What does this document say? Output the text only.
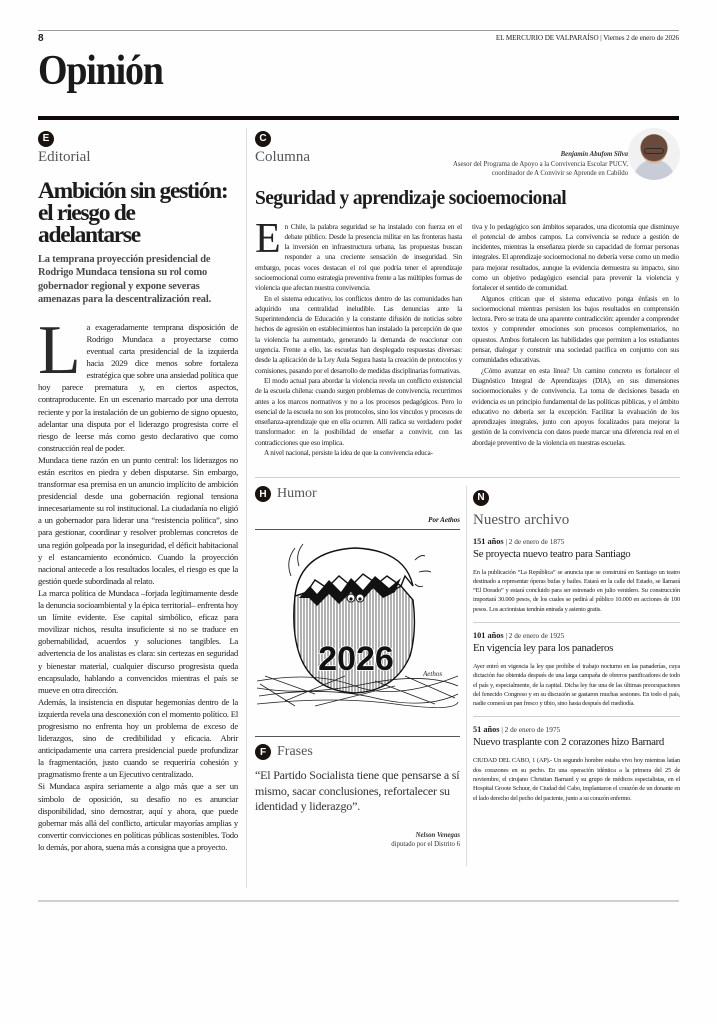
8	EL MERCURIO DE VALPARAÍSO | Viernes 2 de enero de 2026
Opinión
E
Editorial
Ambición sin gestión: el riesgo de adelantarse

La temprana proyección presidencial de Rodrigo Mundaca tensiona su rol como gobernador regional y expone severas amenazas para la descentralización real.

L a exageradamente temprana disposición de Rodrigo Mundaca a proyectarse como eventual carta presidencial de la izquierda hacia 2029 dice menos sobre fortaleza estratégica que sobre una ansiedad política que hoy parece prematura y, en ciertos aspectos, contraproducente. En un escenario marcado por una derrota reciente y por la instalación de un gobierno de signo opuesto, adelantar una disputa por el liderazgo progresista corre el riesgo de leerse más como gesto declarativo que como construcción real de poder.

Mundaca tiene razón en un punto central: los liderazgos no están escritos en piedra y deben disputarse. Sin embargo, transformar esa premisa en un anuncio implícito de ambición presidencial desde una gobernación regional tensiona innecesariamente su rol institucional. La ciudadanía no eligió a un gobernador para liderar una “resistencia política”, sino para gestionar, coordinar y resolver problemas concretos de una región golpeada por la inseguridad, el déficit habitacional y el estancamiento económico. Cuando la proyección nacional antecede a los resultados locales, el riesgo es que la gestión quede subordinada al relato.

La marca política de Mundaca –forjada legítimamente desde la denuncia socioambiental y la épica territorial– enfrenta hoy un límite evidente. Ese capital simbólico, eficaz para movilizar nichos, resulta insuficiente si no se traduce en gobernabilidad, acuerdos y soluciones tangibles. La advertencia de los analistas es clara: sin certezas en seguridad y bienestar material, cualquier discurso progresista queda encapsulado, hablando a convencidos mientras el país se mueve en otra dirección.

Además, la insistencia en disputar hegemonías dentro de la izquierda revela una desconexión con el momento político. El progresismo no enfrenta hoy un problema de exceso de liderazgos, sino de credibilidad y eficacia. Abrir anticipadamente una carrera presidencial puede profundizar la fragmentación, justo cuando se requeriría cohesión y pragmatismo frente a un Ejecutivo centralizado.

Si Mundaca aspira seriamente a algo más que a ser un símbolo de oposición, su desafío no es anunciar disponibilidad, sino demostrar, aquí y ahora, que puede gobernar más allá del conflicto, articular mayorías amplias y convertir convicciones en políticas públicas sostenibles. Todo lo demás, por ahora, suena más a consigna que a proyecto.

C
Columna	Benjamín Abufom Silva
Asesor del Programa de Apoyo a la Convivencia Escolar PUCV,
coordinador de A Convivir se Aprende en Cabildo
Seguridad y aprendizaje socioemocional
E n Chile, la palabra seguridad se ha instalado con fuerza en el debate público. Desde la presencia militar en las fronteras hasta la inversión en infraestructura urbana, las propuestas buscan responder a una creciente sensación de inseguridad. Sin embargo, pocas voces destacan el rol que podría tener el aprendizaje socioemocional como estrategia preventiva frente a las múltiples formas de violencia que afectan nuestra convivencia.

En el sistema educativo, los conflictos dentro de las comunidades han adquirido una centralidad ineludible. Las denuncias ante la Superintendencia de Educación y la constante difusión de noticias sobre hechos de agresión en establecimientos han instalado la percepción de que la violencia ha aumentado, generando la demanda de reaccionar con urgencia. Frente a ello, las escuelas han desplegado respuestas diversas: desde la aplicación de la Ley Aula Segura hasta la creación de protocolos y comisiones, pasando por el desarrollo de medidas disciplinarias formativas.

El modo actual para abordar la violencia revela un conflicto existencial de la escuela chilena: cuando surgen problemas de convivencia, recurrimos antes a los marcos normativos y no a los procesos pedagógicos. Pero lo esencial de la escuela no son los protocolos, sino los vínculos y procesos de enseñanza-aprendizaje que en ella ocurren. Allí radica su verdadero poder transformador: en la posibilidad de enseñar a convivir, con las contradicciones que eso implica.

A nivel nacional, persiste la idea de que la convivencia educa-

tiva y lo pedagógico son ámbitos separados, una dicotomía que disminuye el potencial de ambos campos. La convivencia se reduce a gestión de incidentes, mientras la enseñanza pierde su capacidad de formar personas integrales. El aprendizaje socioemocional no debería verse como un medio para mejorar resultados, aunque la evidencia demuestra su impacto, sino como un objetivo pedagógico esencial para prevenir la violencia y fortalecer el sentido de comunidad.

Algunos critican que el sistema educativo ponga énfasis en lo socioemocional mientras persisten los bajos resultados en comprensión lectora. Pero se trata de una aparente contradicción: aprender a comprender textos y comprender emociones son procesos complementarios, no opuestos. Ambos fortalecen las habilidades que permiten a los estudiantes pensar, dialogar y construir una sociedad pacífica en conjunto con sus comunidades educativas.

¿Cómo avanzar en esta línea? Un camino concreto es fortalecer el Diagnóstico Integral de Aprendizajes (DIA), en sus dimensiones socioemocionales y de convivencia. La toma de decisiones basada en evidencia es un principio fundamental de las políticas públicas, y el ámbito educativo no debería ser la excepción. Facilitar la evaluación de los aprendizajes integrales, junto con apoyos focalizados para mejorar la gestión de la convivencia con datos puede marcar una diferencia real en el abordaje preventivo de la violencia en nuestras escuelas.

H Humor
Por Aethos
2026	Aethos
F Frases

“El Partido Socialista tiene que pensarse a sí mismo, sacar conclusiones, refortalecer su identidad y liderazgo”.

Nelson Venegas
diputado por el Distrito 6
N
Nuestro archivo
151 años | 2 de enero de 1875
Se proyecta nuevo teatro para Santiago

En la publicación “La República” se anuncia que se construirá en Santiago un teatro destinado a representar óperas bufas y bailes. Estará en la calle del Estado, se llamará “El Dorado” y estará concluido para ser estrenado en julio venidero. Su construcción importará 30.000 pesos, de los cuales se pedirá al público 10.000 en acciones de 100 pesos. Los accionistas tendrán entrada y asiento gratis.

101 años | 2 de enero de 1925
En vigencia ley para los panaderos

Ayer entró en vigencia la ley que prohíbe el trabajo nocturno en las panaderías, cuya dictación fue obtenida después de una larga campaña de obreros panificadores de todo el país y, especialmente, de la capital. Dicha ley fue una de las últimas preocupaciones del fenecido Congreso y en su discusión se gastaron muchas sesiones. En todo el país, nadie comerá un pan fresco y tibio, sino hasta después del mediodía.

51 años | 2 de enero de 1975
Nuevo trasplante con 2 corazones hizo Barnard

CIUDAD DEL CABO, 1 (AP).- Un segundo hombre estaba vivo hoy mientras latían dos corazones en su pecho. En una operación idéntica a la primera del 25 de noviembre, el cirujano Christian Barnard y su grupo de médicos especialistas, en el Hospital Groote Schuur, de Ciudad del Cabo, implantaron el corazón de un donante en el lado derecho del pecho del paciente, junto a su corazón enfermo.
